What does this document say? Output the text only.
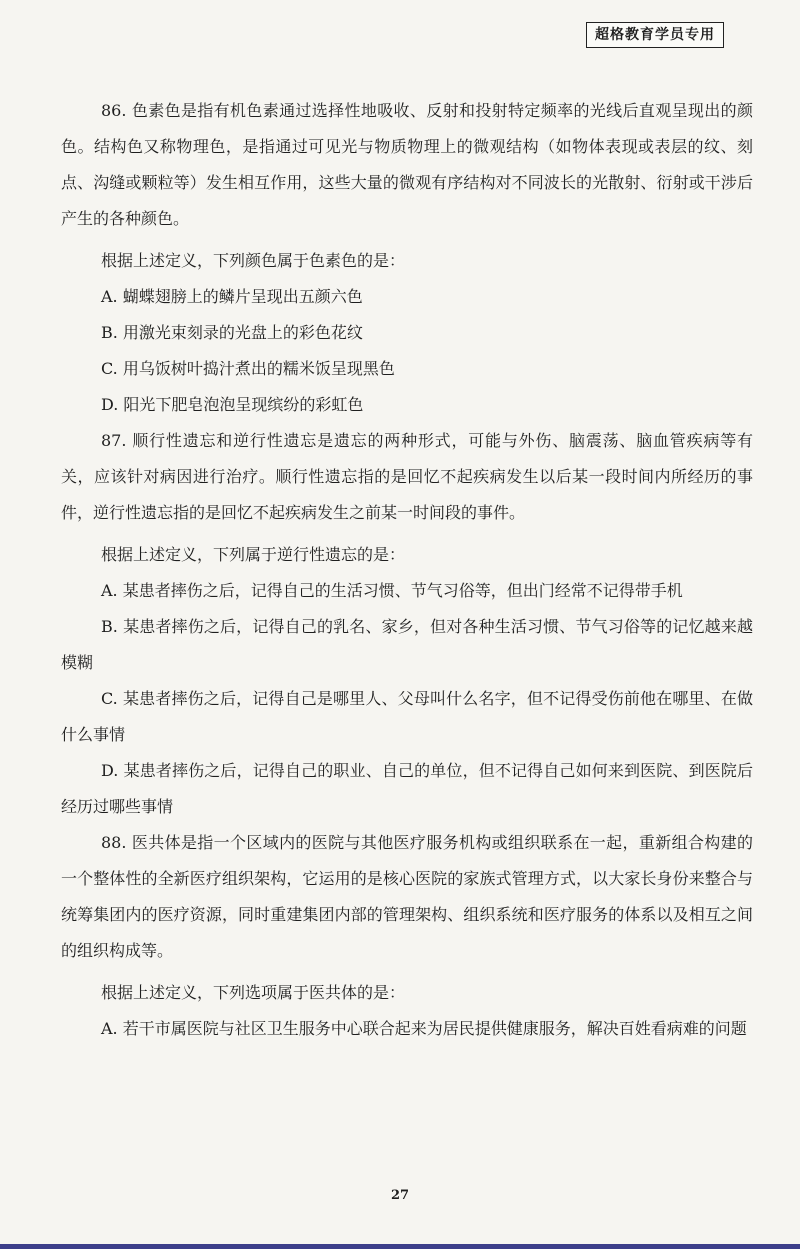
超格教育学员专用

86. 色素色是指有机色素通过选择性地吸收、反射和投射特定频率的光线后直观呈现出的颜色。结构色又称物理色，是指通过可见光与物质物理上的微观结构（如物体表现或表层的纹、刻点、沟缝或颗粒等）发生相互作用，这些大量的微观有序结构对不同波长的光散射、衍射或干涉后产生的各种颜色。

根据上述定义，下列颜色属于色素色的是：

A. 蝴蝶翅膀上的鳞片呈现出五颜六色

B. 用激光束刻录的光盘上的彩色花纹

C. 用乌饭树叶捣汁煮出的糯米饭呈现黑色

D. 阳光下肥皂泡泡呈现缤纷的彩虹色

87. 顺行性遗忘和逆行性遗忘是遗忘的两种形式，可能与外伤、脑震荡、脑血管疾病等有关，应该针对病因进行治疗。顺行性遗忘指的是回忆不起疾病发生以后某一段时间内所经历的事件，逆行性遗忘指的是回忆不起疾病发生之前某一时间段的事件。

根据上述定义，下列属于逆行性遗忘的是：

A. 某患者摔伤之后，记得自己的生活习惯、节气习俗等，但出门经常不记得带手机

B. 某患者摔伤之后，记得自己的乳名、家乡，但对各种生活习惯、节气习俗等的记忆越来越模糊

C. 某患者摔伤之后，记得自己是哪里人、父母叫什么名字，但不记得受伤前他在哪里、在做什么事情

D. 某患者摔伤之后，记得自己的职业、自己的单位，但不记得自己如何来到医院、到医院后经历过哪些事情

88. 医共体是指一个区域内的医院与其他医疗服务机构或组织联系在一起，重新组合构建的一个整体性的全新医疗组织架构，它运用的是核心医院的家族式管理方式，以大家长身份来整合与统筹集团内的医疗资源，同时重建集团内部的管理架构、组织系统和医疗服务的体系以及相互之间的组织构成等。

根据上述定义，下列选项属于医共体的是：

A. 若干市属医院与社区卫生服务中心联合起来为居民提供健康服务，解决百姓看病难的问题

27
